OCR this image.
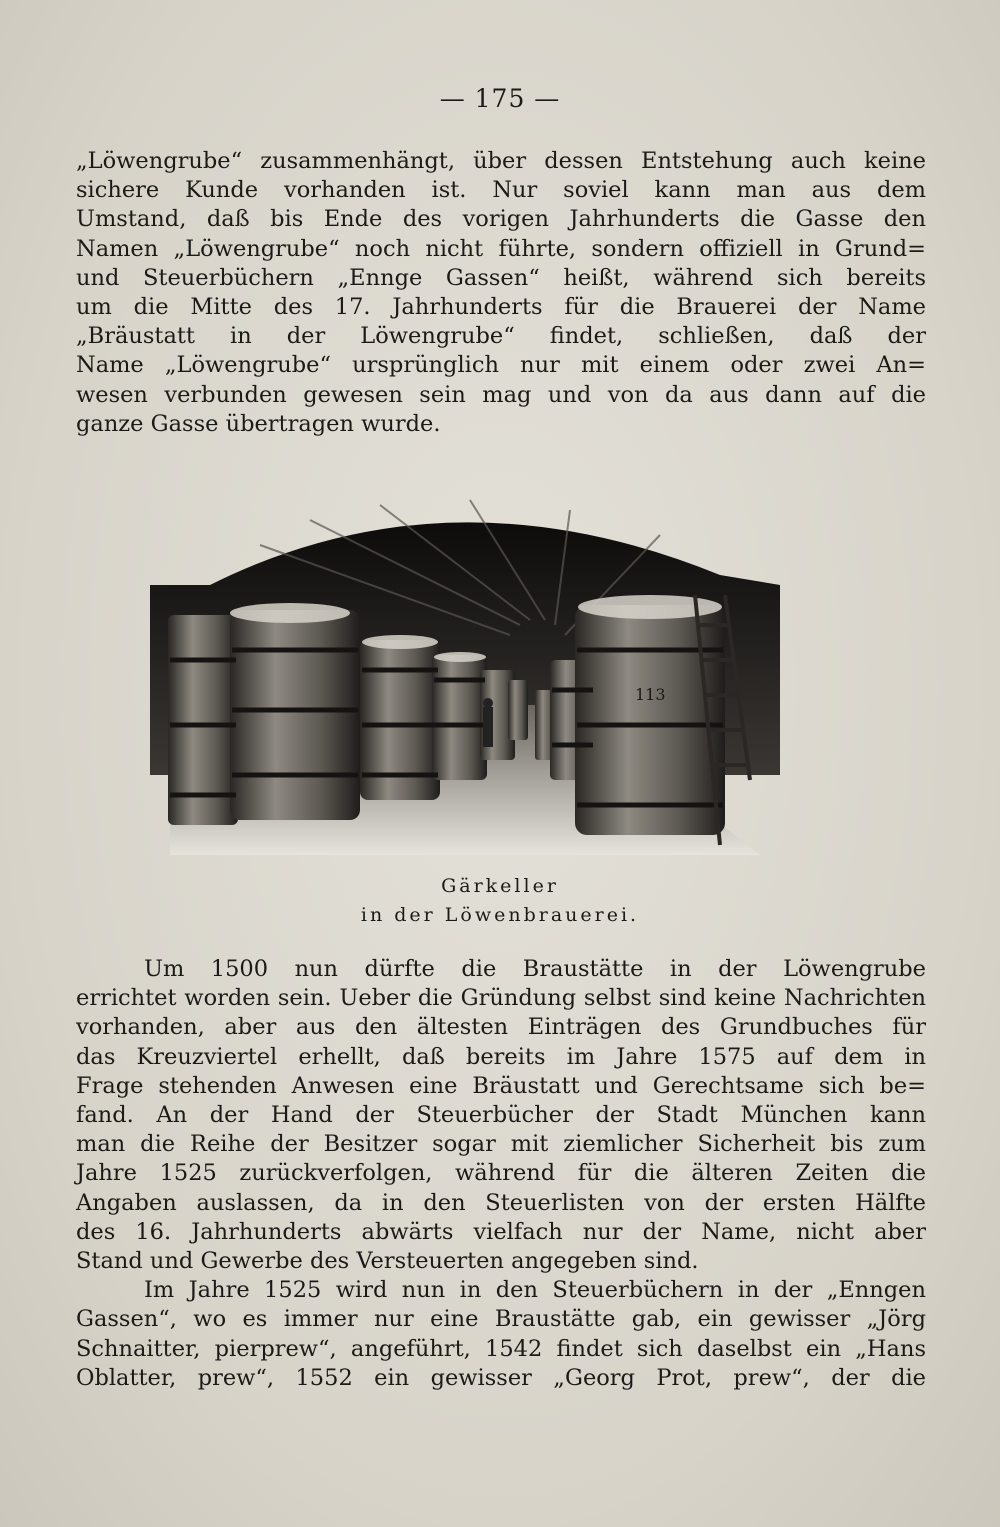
— 175 —

„Löwengrube“ zusammenhängt, über dessen Entstehung auch keine

sichere Kunde vorhanden ist. Nur soviel kann man aus dem

Umstand, daß bis Ende des vorigen Jahrhunderts die Gasse den

Namen „Löwengrube“ noch nicht führte, sondern offiziell in Grund=

und Steuerbüchern „Ennge Gassen“ heißt, während sich bereits

um die Mitte des 17. Jahrhunderts für die Brauerei der Name

„Bräustatt in der Löwengrube“ findet, schließen, daß der

Name „Löwengrube“ ursprünglich nur mit einem oder zwei An=

wesen verbunden gewesen sein mag und von da aus dann auf die

ganze Gasse übertragen wurde.

113
Gärkeller
in der Löwenbrauerei.

Um 1500 nun dürfte die Braustätte in der Löwengrube

errichtet worden sein. Ueber die Gründung selbst sind keine Nachrichten

vorhanden, aber aus den ältesten Einträgen des Grundbuches für

das Kreuzviertel erhellt, daß bereits im Jahre 1575 auf dem in

Frage stehenden Anwesen eine Bräustatt und Gerechtsame sich be=

fand. An der Hand der Steuerbücher der Stadt München kann

man die Reihe der Besitzer sogar mit ziemlicher Sicherheit bis zum

Jahre 1525 zurückverfolgen, während für die älteren Zeiten die

Angaben auslassen, da in den Steuerlisten von der ersten Hälfte

des 16. Jahrhunderts abwärts vielfach nur der Name, nicht aber

Stand und Gewerbe des Versteuerten angegeben sind.

Im Jahre 1525 wird nun in den Steuerbüchern in der „Enngen

Gassen“, wo es immer nur eine Braustätte gab, ein gewisser „Jörg

Schnaitter, pierprew“, angeführt, 1542 findet sich daselbst ein „Hans

Oblatter, prew“, 1552 ein gewisser „Georg Prot, prew“, der die
